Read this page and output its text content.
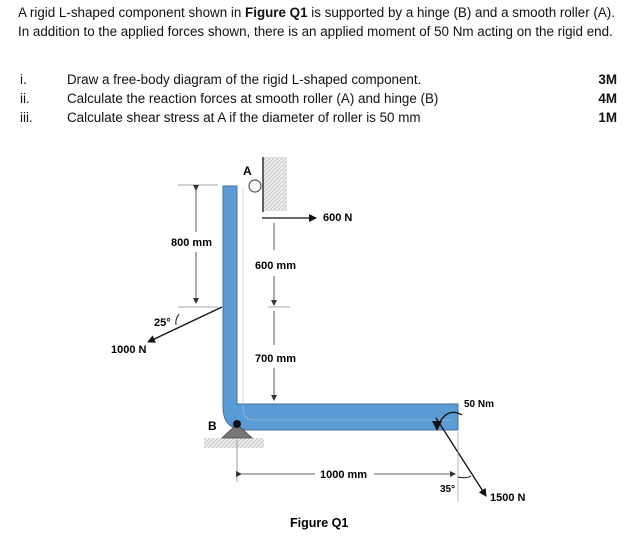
A rigid L-shaped component shown in Figure Q1 is supported by a hinge (B) and a smooth roller (A). In addition to the applied forces shown, there is an applied moment of 50 Nm acting on the rigid end.
i.	Draw a free-body diagram of the rigid L-shaped component.	3M
ii.	Calculate the reaction forces at smooth roller (A) and hinge (B)	4M
iii.	Calculate shear stress at A if the diameter of roller is 50 mm	1M
A
B
600 N
800 mm
600 mm
700 mm
25°
1000 N
50 Nm
35°
1500 N
1000 mm
Figure Q1
